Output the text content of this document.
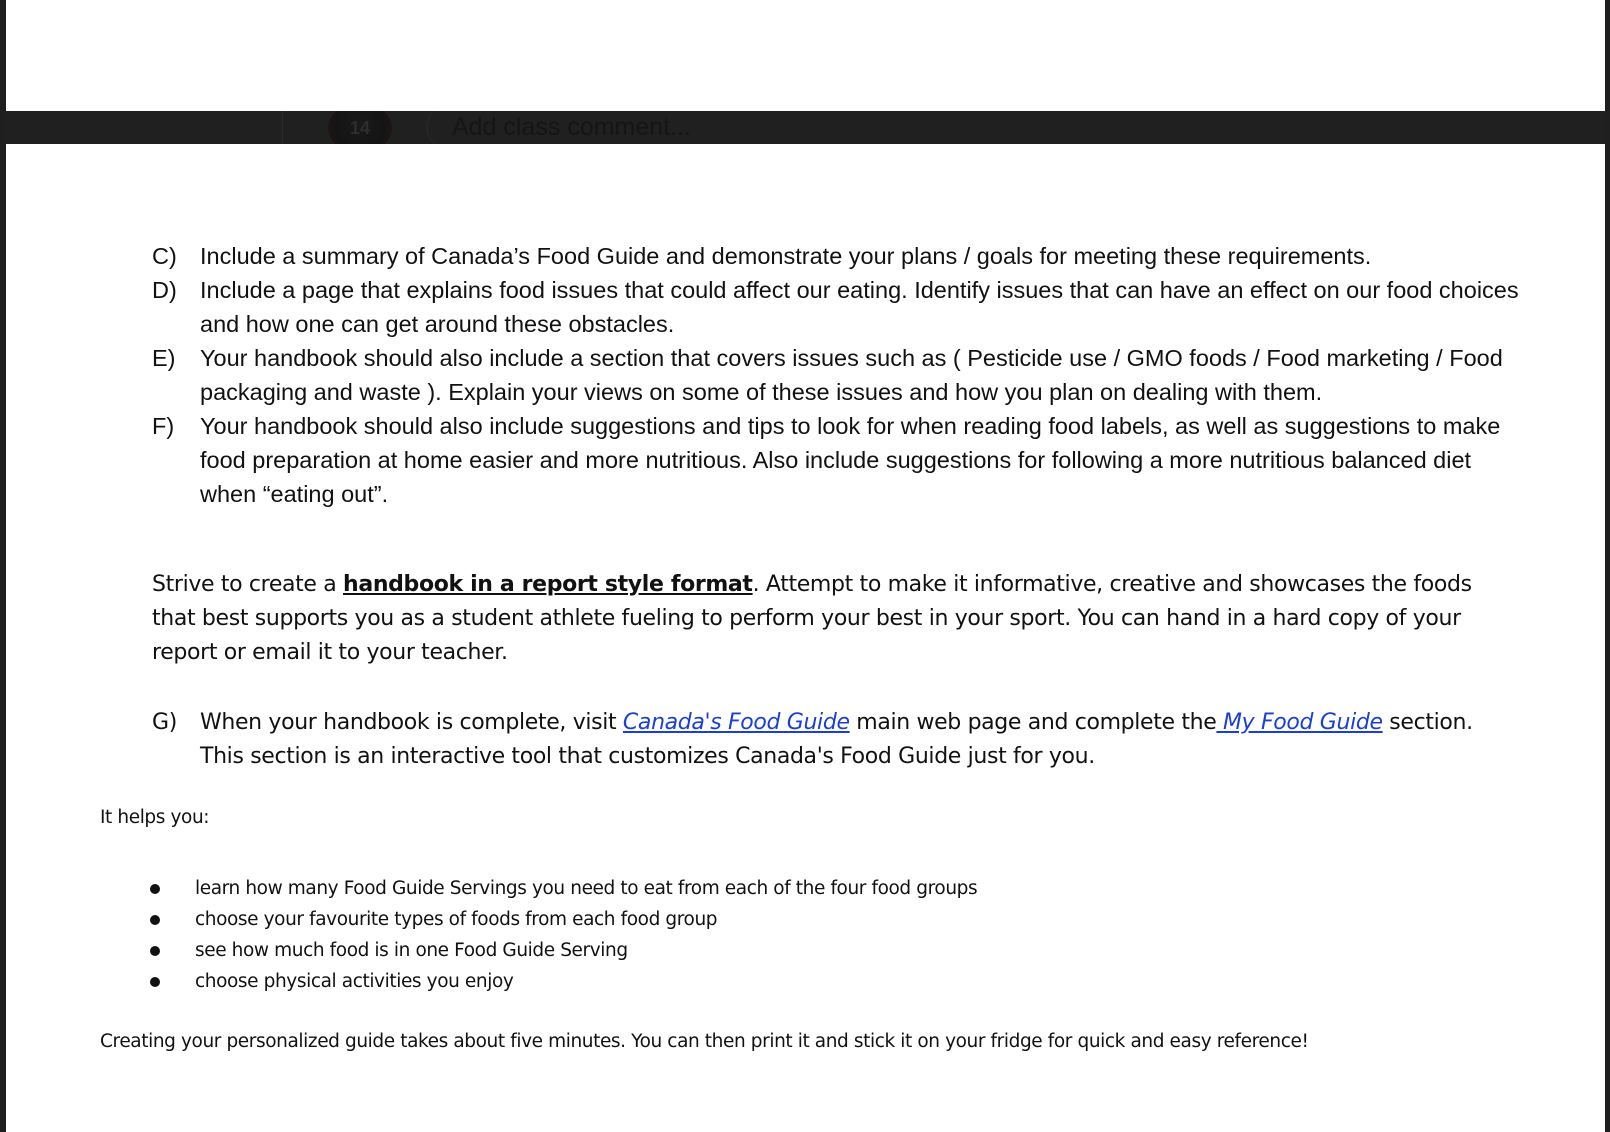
14	Add class comment...
C) Include a summary of Canada’s Food Guide and demonstrate your plans / goals for meeting these requirements.
D) Include a page that explains food issues that could affect our eating. Identify issues that can have an effect on our food choices and how one can get around these obstacles.
E)	Your handbook should also include a section that covers issues such as ( Pesticide use / GMO foods / Food marketing / Food packaging and waste ). Explain your views on some of these issues and how you plan on dealing with them.
F)	Your handbook should also include suggestions and tips to look for when reading food labels, as well as suggestions to make food preparation at home easier and more nutritious. Also include suggestions for following a more nutritious balanced diet when “eating out”.
Strive to create a handbook in a report style format. Attempt to make it informative, creative and showcases the foods that best supports you as a student athlete fueling to perform your best in your sport. You can hand in a hard copy of your report or email it to your teacher.
G)	When your handbook is complete, visit Canada's Food Guide main web page and complete the My Food Guide section. This section is an interactive tool that customizes Canada's Food Guide just for you.
It helps you:
learn how many Food Guide Servings you need to eat from each of the four food groups
choose your favourite types of foods from each food group
see how much food is in one Food Guide Serving
choose physical activities you enjoy
Creating your personalized guide takes about five minutes. You can then print it and stick it on your fridge for quick and easy reference!
